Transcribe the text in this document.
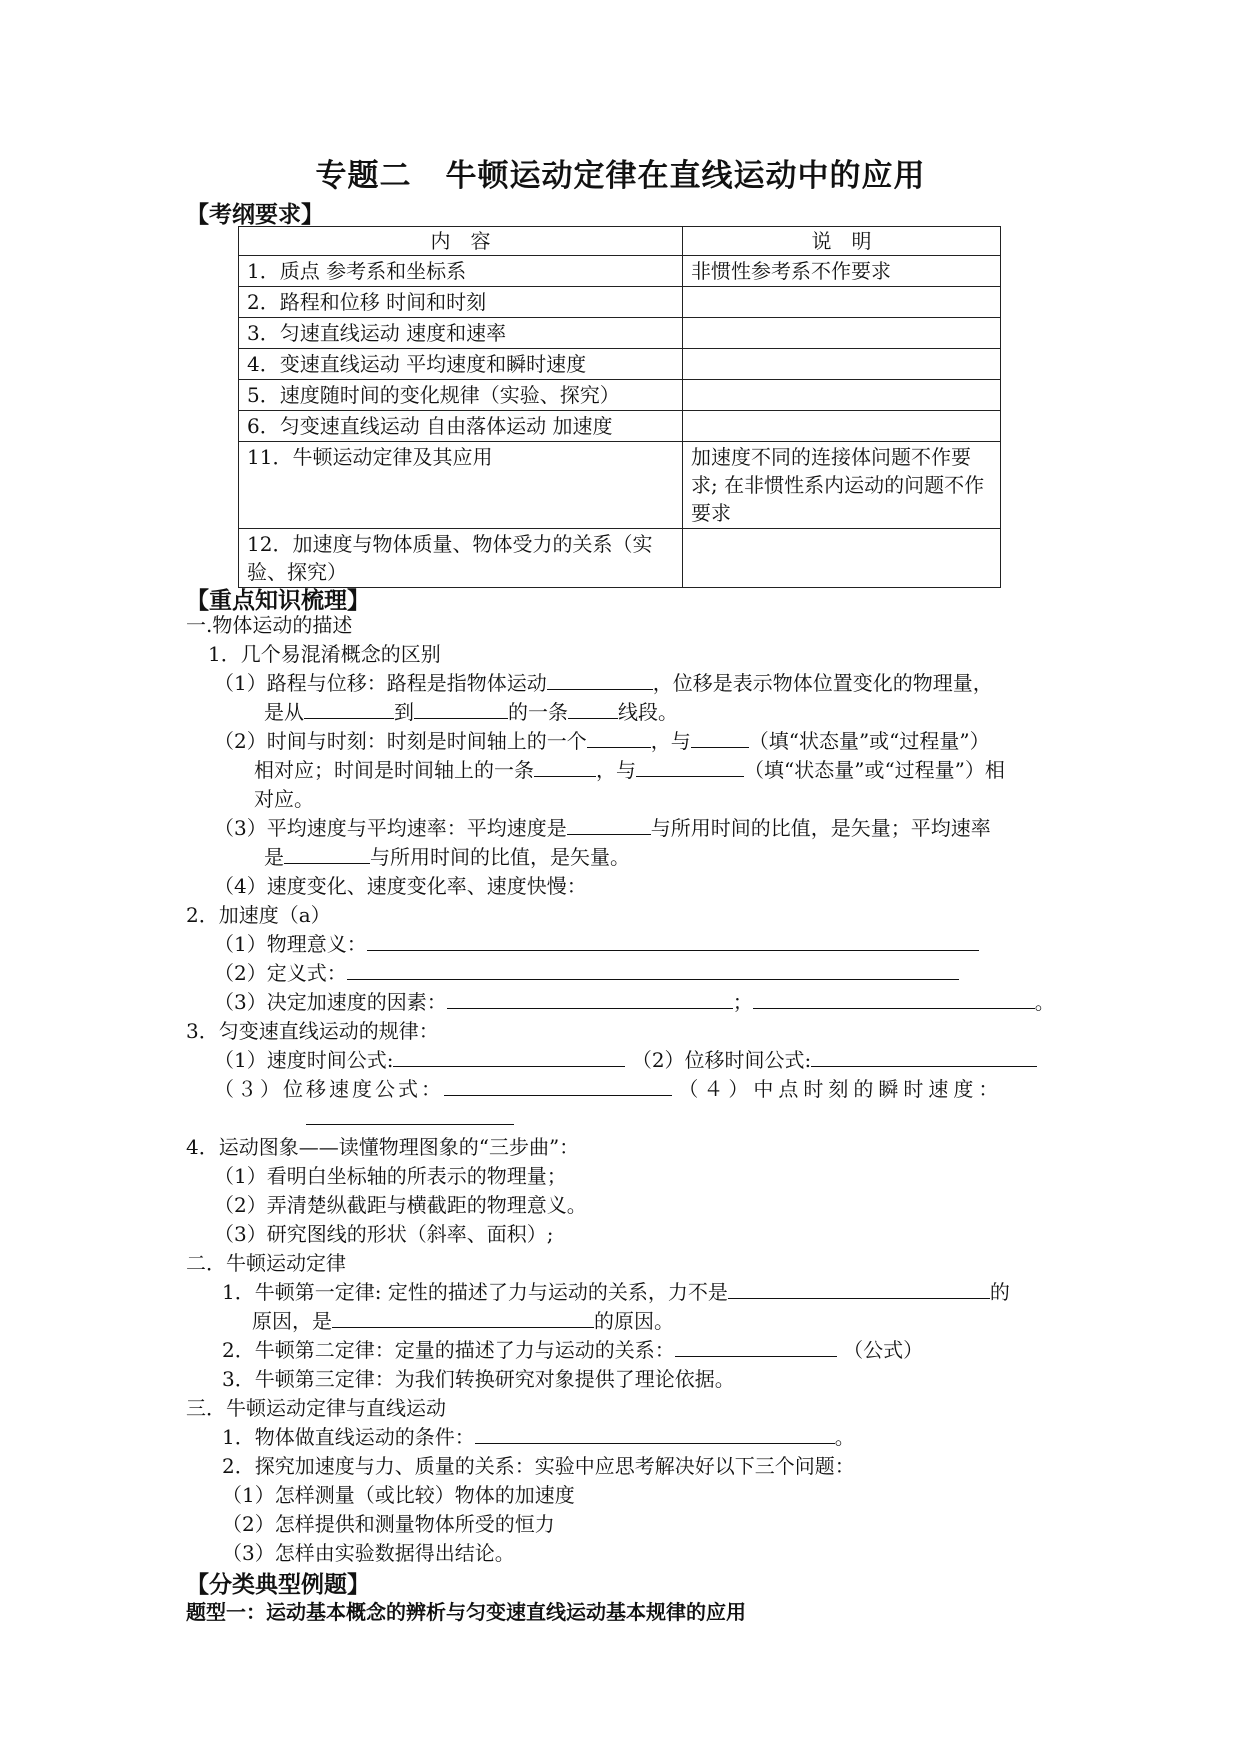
专题二 牛顿运动定律在直线运动中的应用
【考纲要求】
内　容	说　明
1．质点 参考系和坐标系	非惯性参考系不作要求
2．路程和位移 时间和时刻	
3．匀速直线运动 速度和速率	
4．变速直线运动 平均速度和瞬时速度	
5．速度随时间的变化规律（实验、探究）	
6．匀变速直线运动 自由落体运动 加速度	
11．牛顿运动定律及其应用	加速度不同的连接体问题不作要求; 在非惯性系内运动的问题不作要求
12．加速度与物体质量、物体受力的关系（实验、探究）	
【重点知识梳理】
一.物体运动的描述
1．几个易混淆概念的区别
（1）路程与位移：路程是指物体运动	，位移是表示物体位置变化的物理量，
是从	到	的一条	线段。
（2）时间与时刻：时刻是时间轴上的一个	，与	（填“状态量”或“过程量”）
相对应；时间是时间轴上的一条	，与	（填“状态量”或“过程量”）相
对应。
（3）平均速度与平均速率：平均速度是	与所用时间的比值，是矢量；平均速率
是	与所用时间的比值，是矢量。
（4）速度变化、速度变化率、速度快慢：
2．加速度（a）
（1）物理意义：
（2）定义式：
（3）决定加速度的因素：	；	。
3．匀变速直线运动的规律：
（1）速度时间公式:	（2）位移时间公式:
（３）位移速度公式：	（４）中点时刻的瞬时速度：
4．运动图象——读懂物理图象的“三步曲”：
（1）看明白坐标轴的所表示的物理量；
（2）弄清楚纵截距与横截距的物理意义。
（3）研究图线的形状（斜率、面积）;
二．牛顿运动定律
1．牛顿第一定律: 定性的描述了力与运动的关系，力不是	的
原因，是	的原因。
2．牛顿第二定律：定量的描述了力与运动的关系：	（公式）
3．牛顿第三定律：为我们转换研究对象提供了理论依据。
三．牛顿运动定律与直线运动
1．物体做直线运动的条件：	。
2．探究加速度与力、质量的关系：实验中应思考解决好以下三个问题：
（1）怎样测量（或比较）物体的加速度
（2）怎样提供和测量物体所受的恒力
（3）怎样由实验数据得出结论。
【分类典型例题】
题型一：运动基本概念的辨析与匀变速直线运动基本规律的应用
